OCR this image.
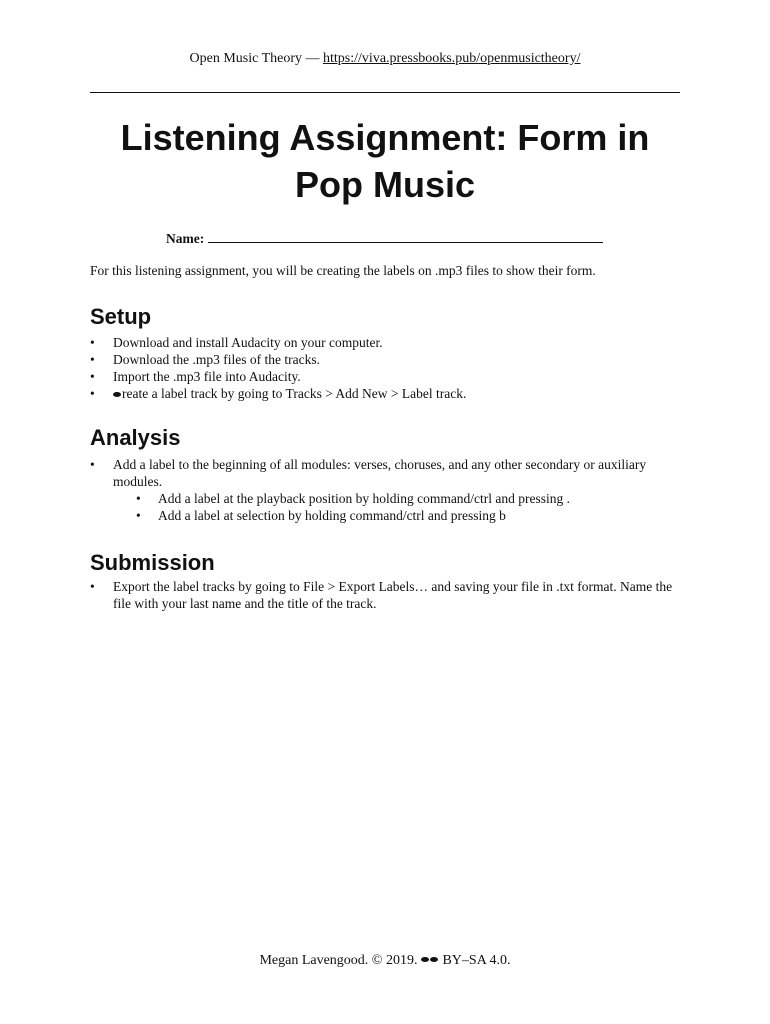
Open Music Theory — https://viva.pressbooks.pub/openmusictheory/
Listening Assignment: Form in
Pop Music
Name:
For this listening assignment, you will be creating the labels on .mp3 files to show their form.
Setup
• Download and install Audacity on your computer.
• Download the .mp3 files of the tracks.
• Import the .mp3 file into Audacity.
• reate a label track by going to Tracks > Add New > Label track.
Analysis
• Add a label to the beginning of all modules: verses, choruses, and any other secondary or auxiliary modules.
• Add a label at the playback position by holding command/ctrl and pressing .
• Add a label at selection by holding command/ctrl and pressing b
Submission
• Export the label tracks by going to File > Export Labels… and saving your file in .txt format. Name the file with your last name and the title of the track.
Megan Lavengood. © 2019. BY–SA 4.0.
